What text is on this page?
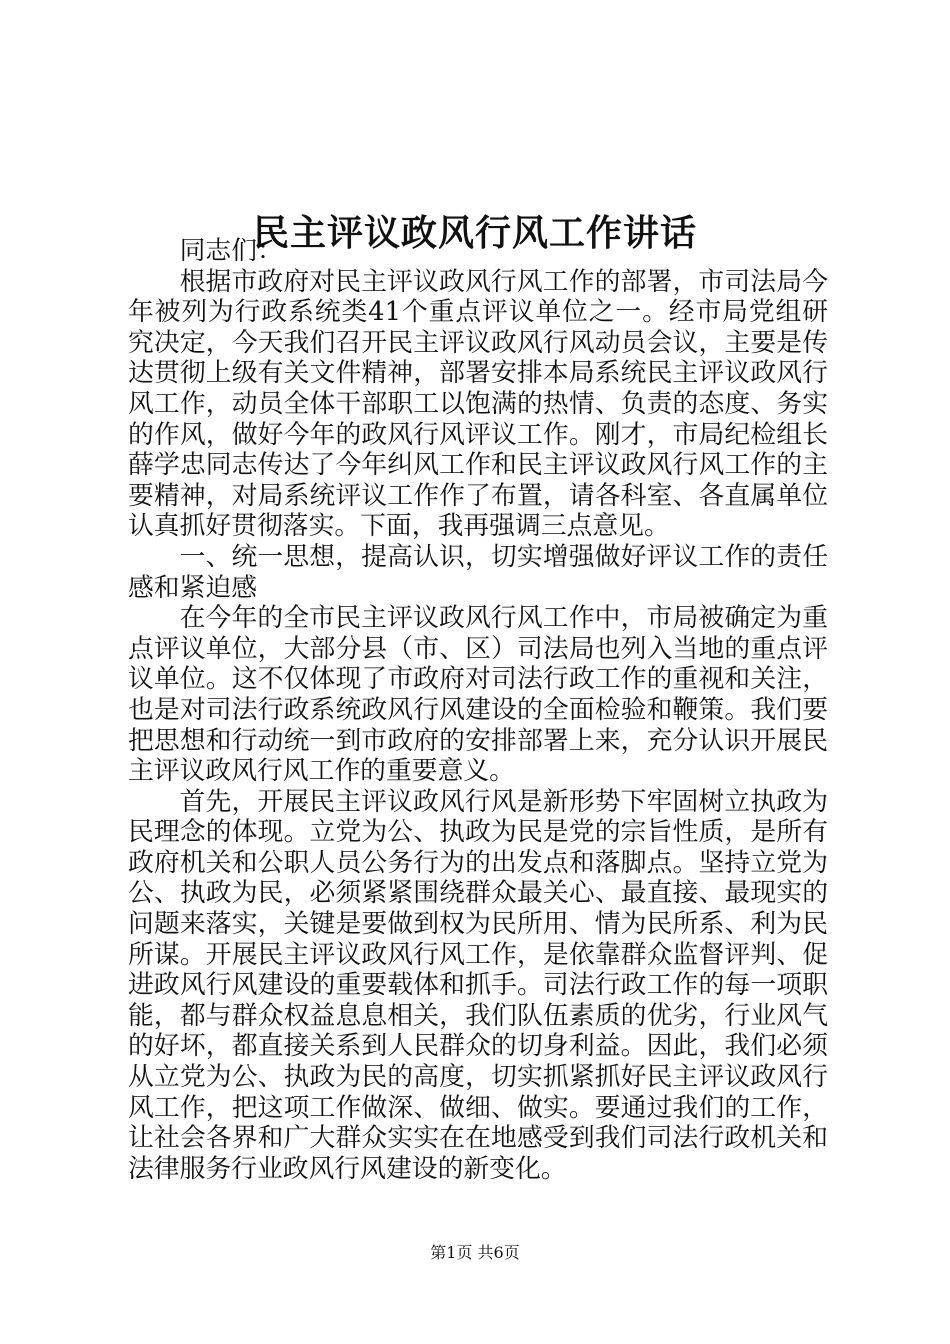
民主评议政风行风工作讲话

同志们：

根据市政府对民主评议政风行风工作的部署，市司法局今年被列为行政系统类41个重点评议单位之一。经市局党组研究决定，今天我们召开民主评议政风行风动员会议，主要是传达贯彻上级有关文件精神，部署安排本局系统民主评议政风行风工作，动员全体干部职工以饱满的热情、负责的态度、务实的作风，做好今年的政风行风评议工作。刚才，市局纪检组长薛学忠同志传达了今年纠风工作和民主评议政风行风工作的主要精神，对局系统评议工作作了布置，请各科室、各直属单位认真抓好贯彻落实。下面，我再强调三点意见。

一、统一思想，提高认识，切实增强做好评议工作的责任感和紧迫感

在今年的全市民主评议政风行风工作中，市局被确定为重点评议单位，大部分县（市、区）司法局也列入当地的重点评议单位。这不仅体现了市政府对司法行政工作的重视和关注，也是对司法行政系统政风行风建设的全面检验和鞭策。我们要把思想和行动统一到市政府的安排部署上来，充分认识开展民主评议政风行风工作的重要意义。

首先，开展民主评议政风行风是新形势下牢固树立执政为民理念的体现。立党为公、执政为民是党的宗旨性质，是所有政府机关和公职人员公务行为的出发点和落脚点。坚持立党为公、执政为民，必须紧紧围绕群众最关心、最直接、最现实的问题来落实，关键是要做到权为民所用、情为民所系、利为民所谋。开展民主评议政风行风工作，是依靠群众监督评判、促进政风行风建设的重要载体和抓手。司法行政工作的每一项职能，都与群众权益息息相关，我们队伍素质的优劣，行业风气的好坏，都直接关系到人民群众的切身利益。因此，我们必须从立党为公、执政为民的高度，切实抓紧抓好民主评议政风行风工作，把这项工作做深、做细、做实。要通过我们的工作，让社会各界和广大群众实实在在地感受到我们司法行政机关和法律服务行业政风行风建设的新变化。

第1页 共6页
